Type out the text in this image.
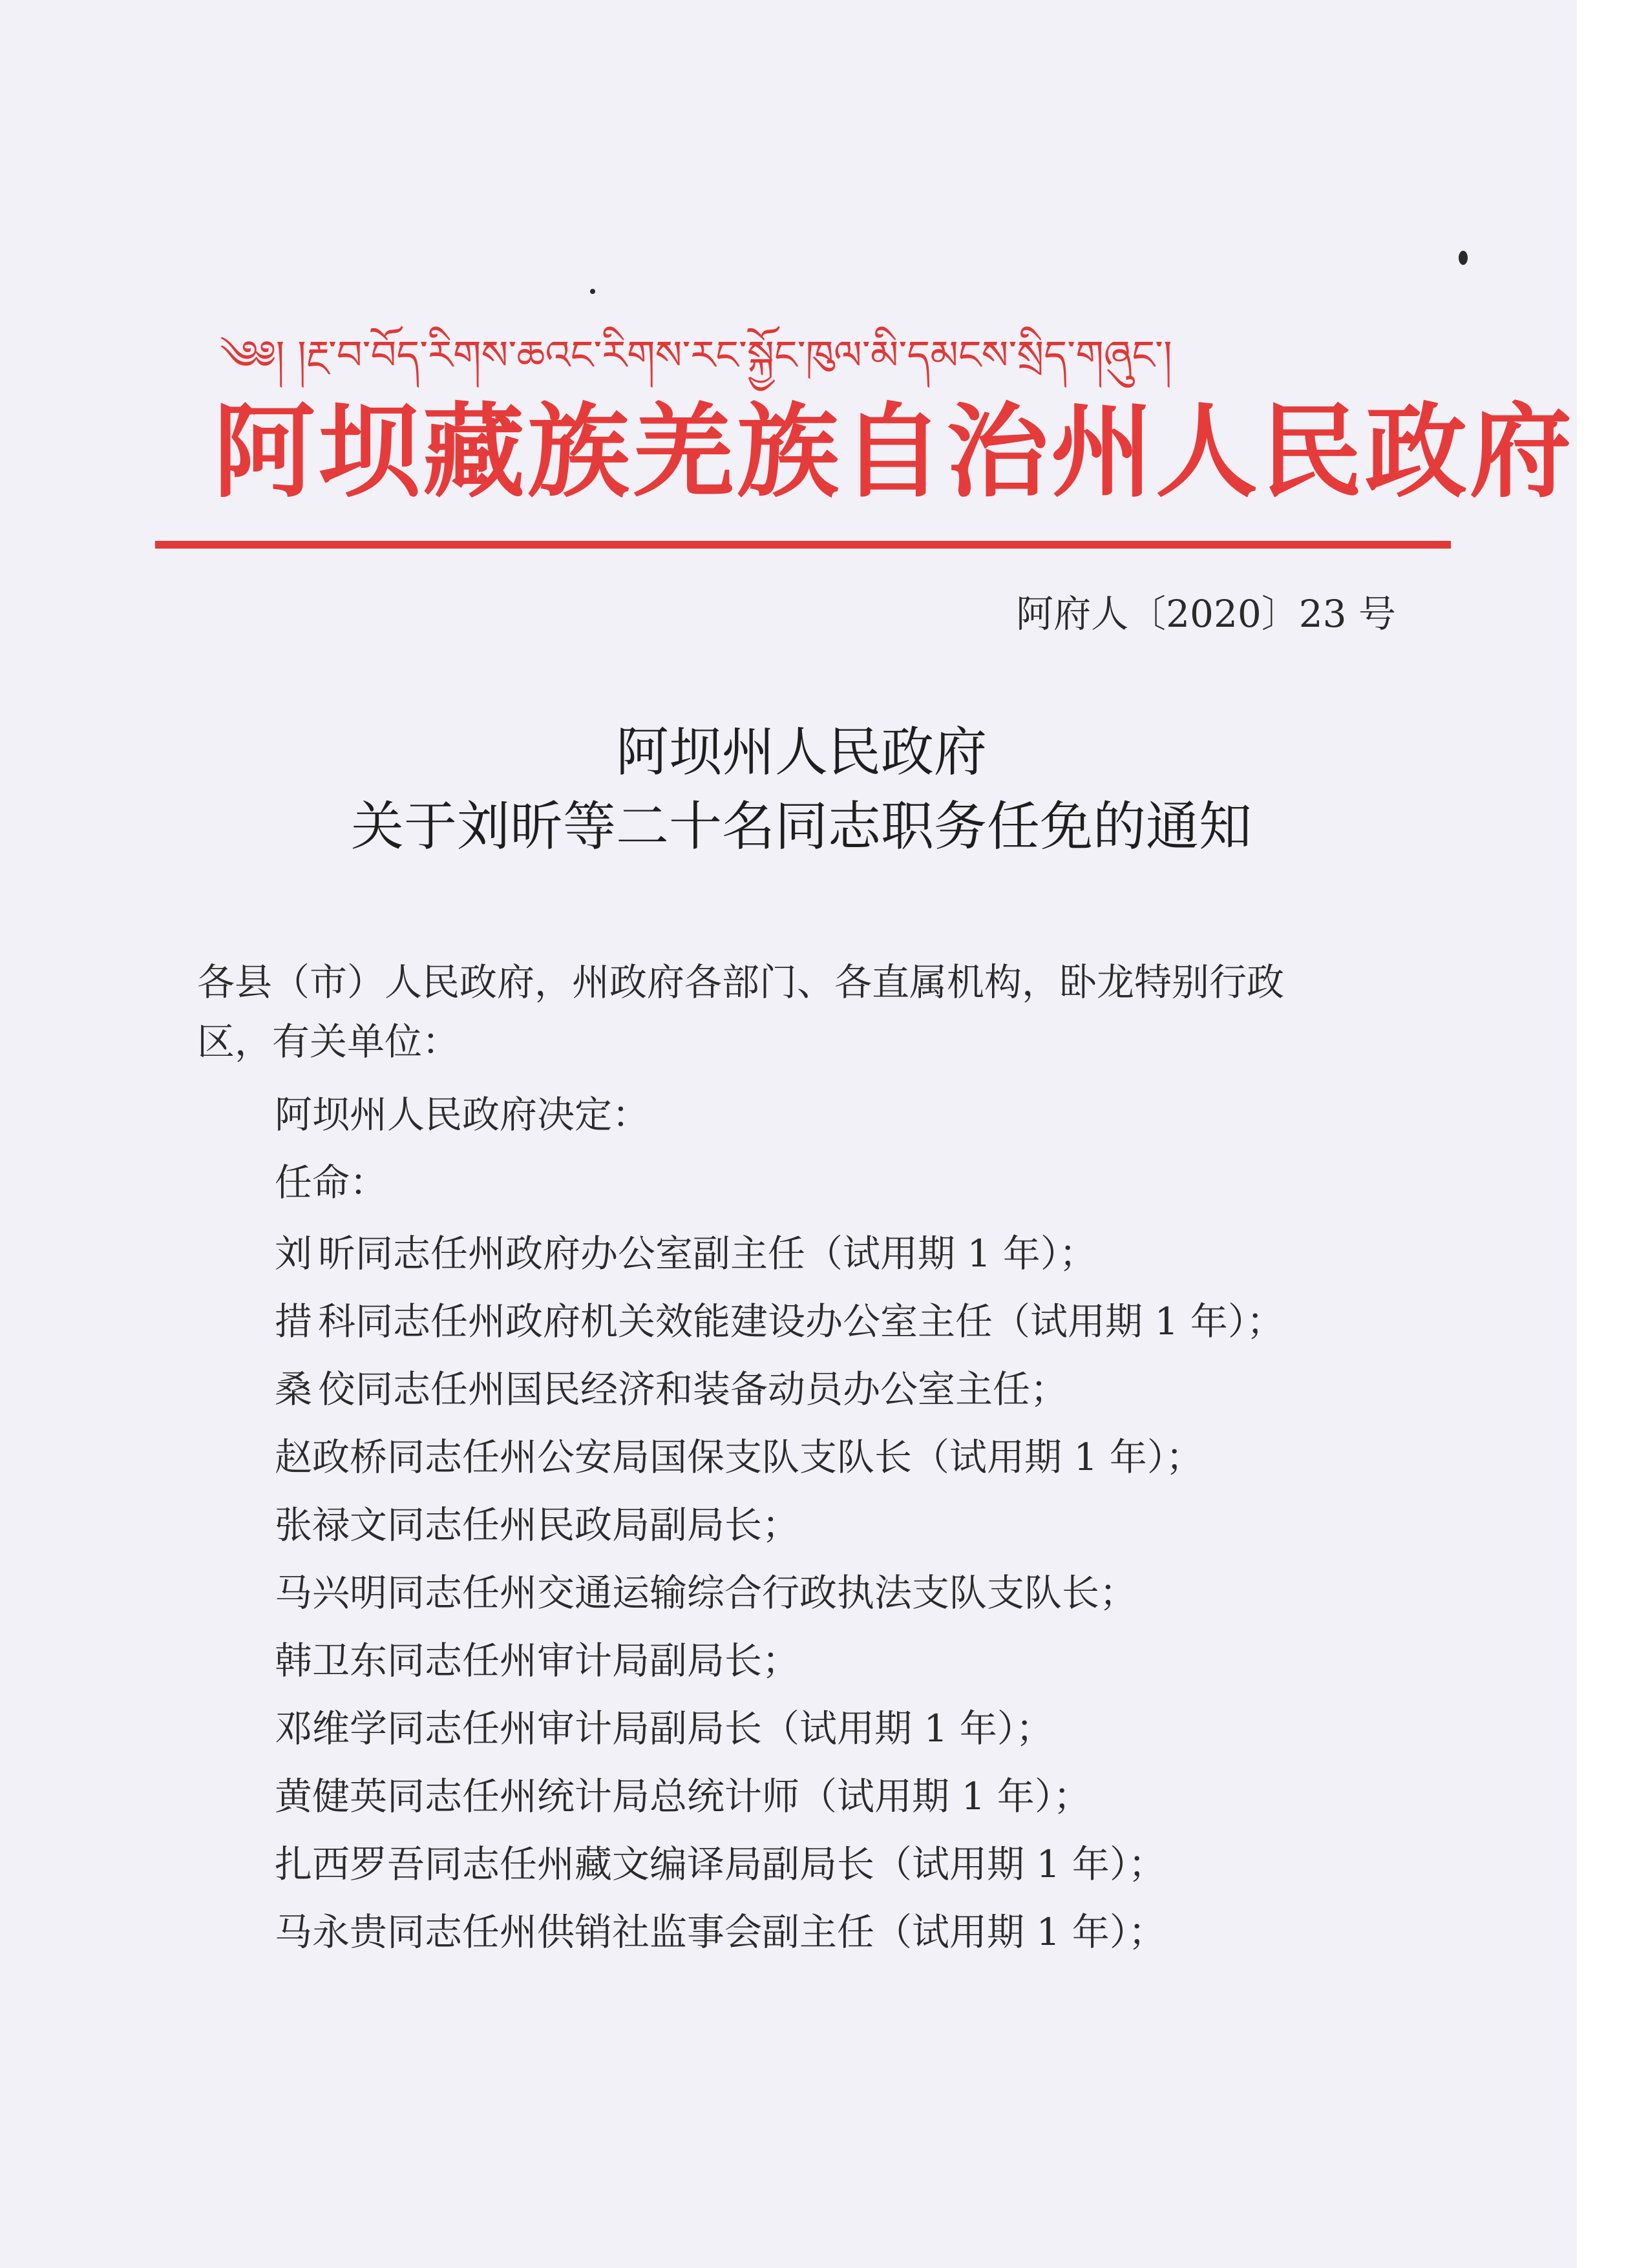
༄༅། །རྔ་བ་བོད་རིགས་ཆའང་རིགས་རང་སྐྱོང་ཁུལ་མི་དམངས་སྲིད་གཞུང་།
阿坝藏族羌族自治州人民政府
阿府人〔2020〕23 号
阿坝州人民政府
关于刘昕等二十名同志职务任免的通知
各县（市）人民政府，州政府各部门、各直属机构，卧龙特别行政
区，有关单位：
阿坝州人民政府决定：
任命：
刘 昕 同志任州政府办公室副主任（试用期 1 年）；
措 科 同志任州政府机关效能建设办公室主任（试用期 1 年）；
桑 佼 同志任州国民经济和装备动员办公室主任；
赵政桥同志任州公安局国保支队支队长（试用期 1 年）；
张禄文同志任州民政局副局长；
马兴明同志任州交通运输综合行政执法支队支队长；
韩卫东同志任州审计局副局长；
邓维学同志任州审计局副局长（试用期 1 年）；
黄健英同志任州统计局总统计师（试用期 1 年）；
扎西罗吾同志任州藏文编译局副局长（试用期 1 年）；
马永贵同志任州供销社监事会副主任（试用期 1 年）；
